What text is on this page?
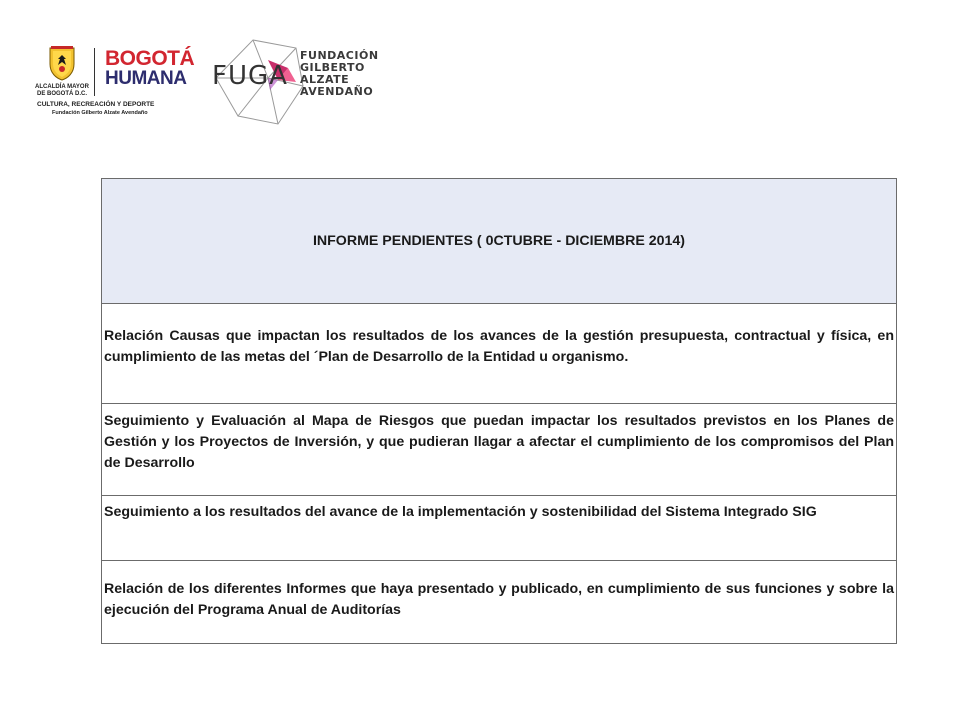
ALCALDÍA MAYOR
DE BOGOTÁ D.C.
BOGOTÁ
HUMANA
CULTURA, RECREACIÓN Y DEPORTE
Fundación Gilberto Alzate Avendaño
FUGA
FUNDACIÓN
GILBERTO
ALZATE
AVENDAÑO
INFORME PENDIENTES ( 0CTUBRE - DICIEMBRE 2014)
Relación Causas que impactan los resultados de los avances de la gestión presupuesta, contractual y física, en cumplimiento de las metas del ´Plan de Desarrollo de la Entidad u organismo.
Seguimiento y Evaluación al Mapa de Riesgos que puedan impactar los resultados previstos en los Planes de Gestión y los Proyectos de Inversión, y que pudieran llagar a afectar el cumplimiento de los compromisos del Plan de Desarrollo
Seguimiento a los resultados del avance de la implementación y sostenibilidad del Sistema Integrado SIG
Relación de los diferentes Informes que haya presentado y publicado, en cumplimiento de sus funciones y sobre la ejecución del Programa Anual de Auditorías
